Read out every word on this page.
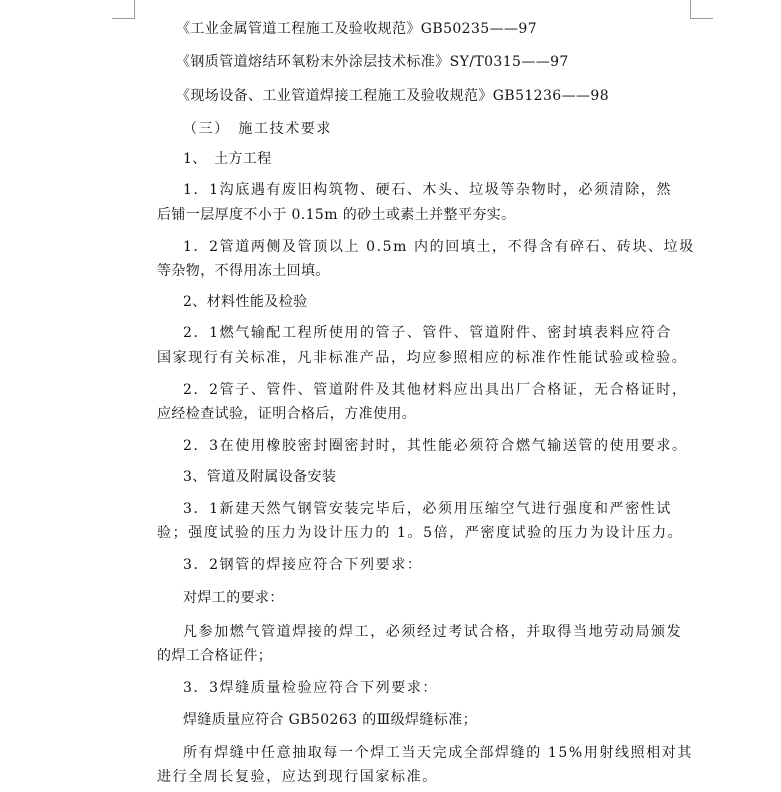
《工业金属管道工程施工及验收规范》GB50235——97
《钢质管道熔结环氧粉末外涂层技术标准》SY/T0315——97
《现场设备、工业管道焊接工程施工及验收规范》GB51236——98
（三）　施工技术要求
1、　土方工程
1．1沟底遇有废旧构筑物、硬石、木头、垃圾等杂物时，必须清除，然
后铺一层厚度不小于 0.15m 的砂土或素土并整平夯实。
1．2管道两侧及管顶以上 0.5m 内的回填土，不得含有碎石、砖块、垃圾
等杂物，不得用冻土回填。
2、材料性能及检验
2．1燃气输配工程所使用的管子、管件、管道附件、密封填表料应符合
国家现行有关标准，凡非标准产品，均应参照相应的标准作性能试验或检验。
2．2管子、管件、管道附件及其他材料应出具出厂合格证，无合格证时，
应经检查试验，证明合格后，方准使用。
2．3在使用橡胶密封圈密封时，其性能必须符合燃气输送管的使用要求。
3、管道及附属设备安装
3．1新建天然气钢管安装完毕后，必须用压缩空气进行强度和严密性试
验；强度试验的压力为设计压力的 1。5倍，严密度试验的压力为设计压力。
3．2钢管的焊接应符合下列要求：
对焊工的要求：
凡参加燃气管道焊接的焊工，必须经过考试合格，并取得当地劳动局颁发
的焊工合格证件；
3．3焊缝质量检验应符合下列要求：
焊缝质量应符合 GB50263 的Ⅲ级焊缝标准；
所有焊缝中任意抽取每一个焊工当天完成全部焊缝的 15%用射线照相对其
进行全周长复验，应达到现行国家标准。
